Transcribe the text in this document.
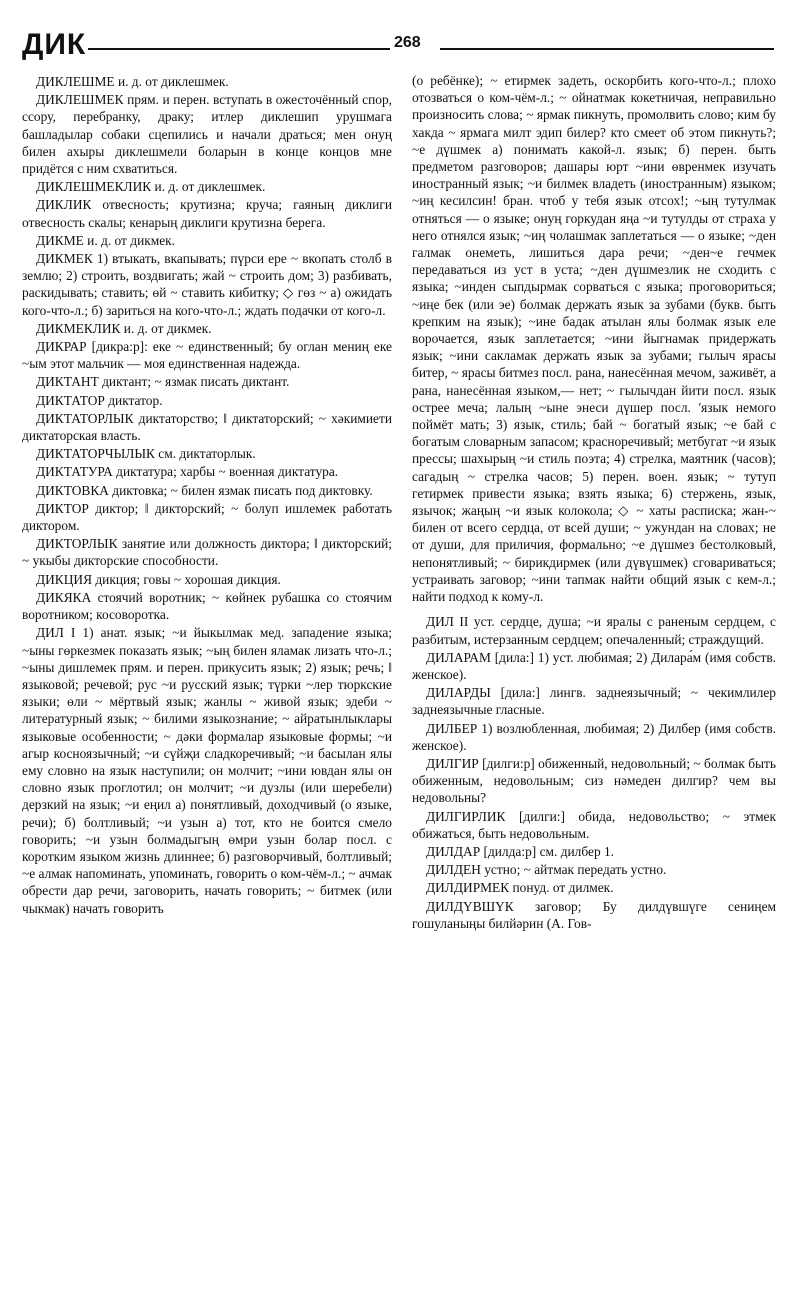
ДИК	268

ДИКЛЕШМЕ и. д. от диклешмек.

ДИКЛЕШМЕК прям. и перен. вступать в ожесточённый спор, ссору, перебранку, драку; итлер диклешип урушмага башладылар собаки сцепились и начали драться; мен онуң билен ахыры диклешмели боларын в конце концов мне придётся с ним схватиться.

ДИКЛЕШМЕКЛИК и. д. от диклешмек.

ДИКЛИК отвесность; крутизна; круча; гаяның диклиги отвесность скалы; кенарың диклиги крутизна берега.

ДИКМЕ и. д. от дикмек.

ДИКМЕК 1) втыкать, вкапывать; пүрси ере ~ вкопать столб в землю; 2) строить, воздвигать; жай ~ строить дом; 3) разбивать, раскидывать; ставить; өй ~ ставить кибитку; ◇ гөз ~ а) ожидать кого-что-л.; б) зариться на кого-что-л.; ждать подачки от кого-л.

ДИКМЕКЛИК и. д. от дикмек.

ДИКРАР [дикра:р]: еке ~ единственный; бу оглан мениң еке ~ым этот мальчик — моя единственная надежда.

ДИКТАНТ диктант; ~ язмак писать диктант.

ДИКТАТОР диктатор.

ДИКТАТОРЛЫК диктаторство; ‖ диктаторский; ~ хәкимиети диктаторская власть.

ДИКТАТОРЧЫЛЫК см. диктаторлык.

ДИКТАТУРА диктатура; харбы ~ военная диктатура.

ДИКТОВКА диктовка; ~ билен язмак писать под диктовку.

ДИКТОР диктор; ‖ дикторский; ~ болуп ишлемек работать диктором.

ДИКТОРЛЫК занятие или должность диктора; ‖ дикторский; ~ укыбы дикторские способности.

ДИКЦИЯ дикция; говы ~ хорошая дикция.

ДИКЯКА стоячий воротник; ~ көйнек рубашка со стоячим воротником; косоворотка.

ДИЛ I 1) анат. язык; ~и йыкылмак мед. западение языка; ~ыны гөркезмек показать язык; ~ың билен яламак лизать что-л.; ~ыны дишлемек прям. и перен. прикусить язык; 2) язык; речь; ‖ языковой; речевой; рус ~и русский язык; түрки ~лер тюркские языки; өли ~ мёртвый язык; жанлы ~ живой язык; эдеби ~ литературный язык; ~ билими языкознание; ~ айратынлыклары языковые особенности; ~ дәки формалар языковые формы; ~и агыр косноязычный; ~и сүйҗи сладкоречивый; ~и басылан ялы ему словно на язык наступили; он молчит; ~ини ювдан ялы он словно язык проглотил; он молчит; ~и дузлы (или шеребели) дерзкий на язык; ~и еңил а) понятливый, доходчивый (о языке, речи); б) болтливый; ~и узын а) тот, кто не боится смело говорить; ~и узын болмадыгың өмри узын болар посл. с коротким языком жизнь длиннее; б) разговорчивый, болтливый; ~е алмак напоминать, упоминать, говорить о ком-чём-л.; ~ ачмак обрести дар речи, заговорить, начать говорить; ~ битмек (или чыкмак) начать говорить

(о ребёнке); ~ етирмек задеть, оскорбить кого-что-л.; плохо отозваться о ком-чём-л.; ~ ойнатмак кокетничая, неправильно произносить слова; ~ ярмак пикнуть, промолвить слово; ким бу хакда ~ ярмага милт эдип билер? кто смеет об этом пикнуть?; ~е дүшмек а) понимать какой-л. язык; б) перен. быть предметом разговоров; дашары юрт ~ини өвренмек изучать иностранный язык; ~и билмек владеть (иностранным) языком; ~иң кесилсин! бран. чтоб у тебя язык отсох!; ~ың тутулмак отняться — о языке; онуң горкудан яңа ~и тутулды от страха у него отнялся язык; ~иң чолашмак заплетаться — о языке; ~ден галмак онеметь, лишиться дара речи; ~ден~е гечмек передаваться из уст в уста; ~ден дүшмезлик не сходить с языка; ~инден сыпдырмак сорваться с языка; проговориться; ~иңе бек (или эе) болмак держать язык за зубами (букв. быть крепким на язык); ~ине бадак атылан ялы болмак язык еле ворочается, язык заплетается; ~ини йыгнамак придержать язык; ~ини сакламак держать язык за зубами; гылыч ярасы битер, ~ ярасы битмез посл. рана, нанесённая мечом, заживёт, а рана, нанесённая языком,— нет; ~ гылычдан йити посл. язык острее меча; лалың ~ыне энеси дүшер посл. 'язык немого поймёт мать; 3) язык, стиль; бай ~ богатый язык; ~е бай с богатым словарным запасом; красноречивый; метбугат ~и язык прессы; шахырың ~и стиль поэта; 4) стрелка, маятник (часов); сагадың ~ стрелка часов; 5) перен. воен. язык; ~ тутуп гетирмек привести языка; взять языка; 6) стержень, язык, язычок; жаңың ~и язык колокола; ◇ ~ хаты расписка; жан-~ билен от всего сердца, от всей души; ~ ужундан на словах; не от души, для приличия, формально; ~е дүшмез бестолковый, непонятливый; ~ бирикдирмек (или дүвүшмек) сговариваться; устраивать заговор; ~ини тапмак найти общий язык с кем-л.; найти подход к кому-л.

ДИЛ II уст. сердце, душа; ~и яралы с раненым сердцем, с разбитым, истерзанным сердцем; опечаленный; страждущий.

ДИЛАРАМ [дила:] 1) уст. любимая; 2) Дилара́м (имя собств. женское).

ДИЛАРДЫ [дила:] лингв. заднеязычный; ~ чекимлилер заднеязычные гласные.

ДИЛБЕР 1) возлюбленная, любимая; 2) Дилбер (имя собств. женское).

ДИЛГИР [дилги:р] обиженный, недовольный; ~ болмак быть обиженным, недовольным; сиз нәмеден дилгир? чем вы недовольны?

ДИЛГИРЛИК [дилги:] обида, недовольство; ~ этмек обижаться, быть недовольным.

ДИЛДАР [дилда:р] см. дилбер 1.

ДИЛДЕН устно; ~ айтмак передать устно.

ДИЛДИРМЕК понуд. от дилмек.

ДИЛДҮВШҮК заговор; Бу дилдүвшүге сениңем гошуланыңы билйәрин (А. Гов-
